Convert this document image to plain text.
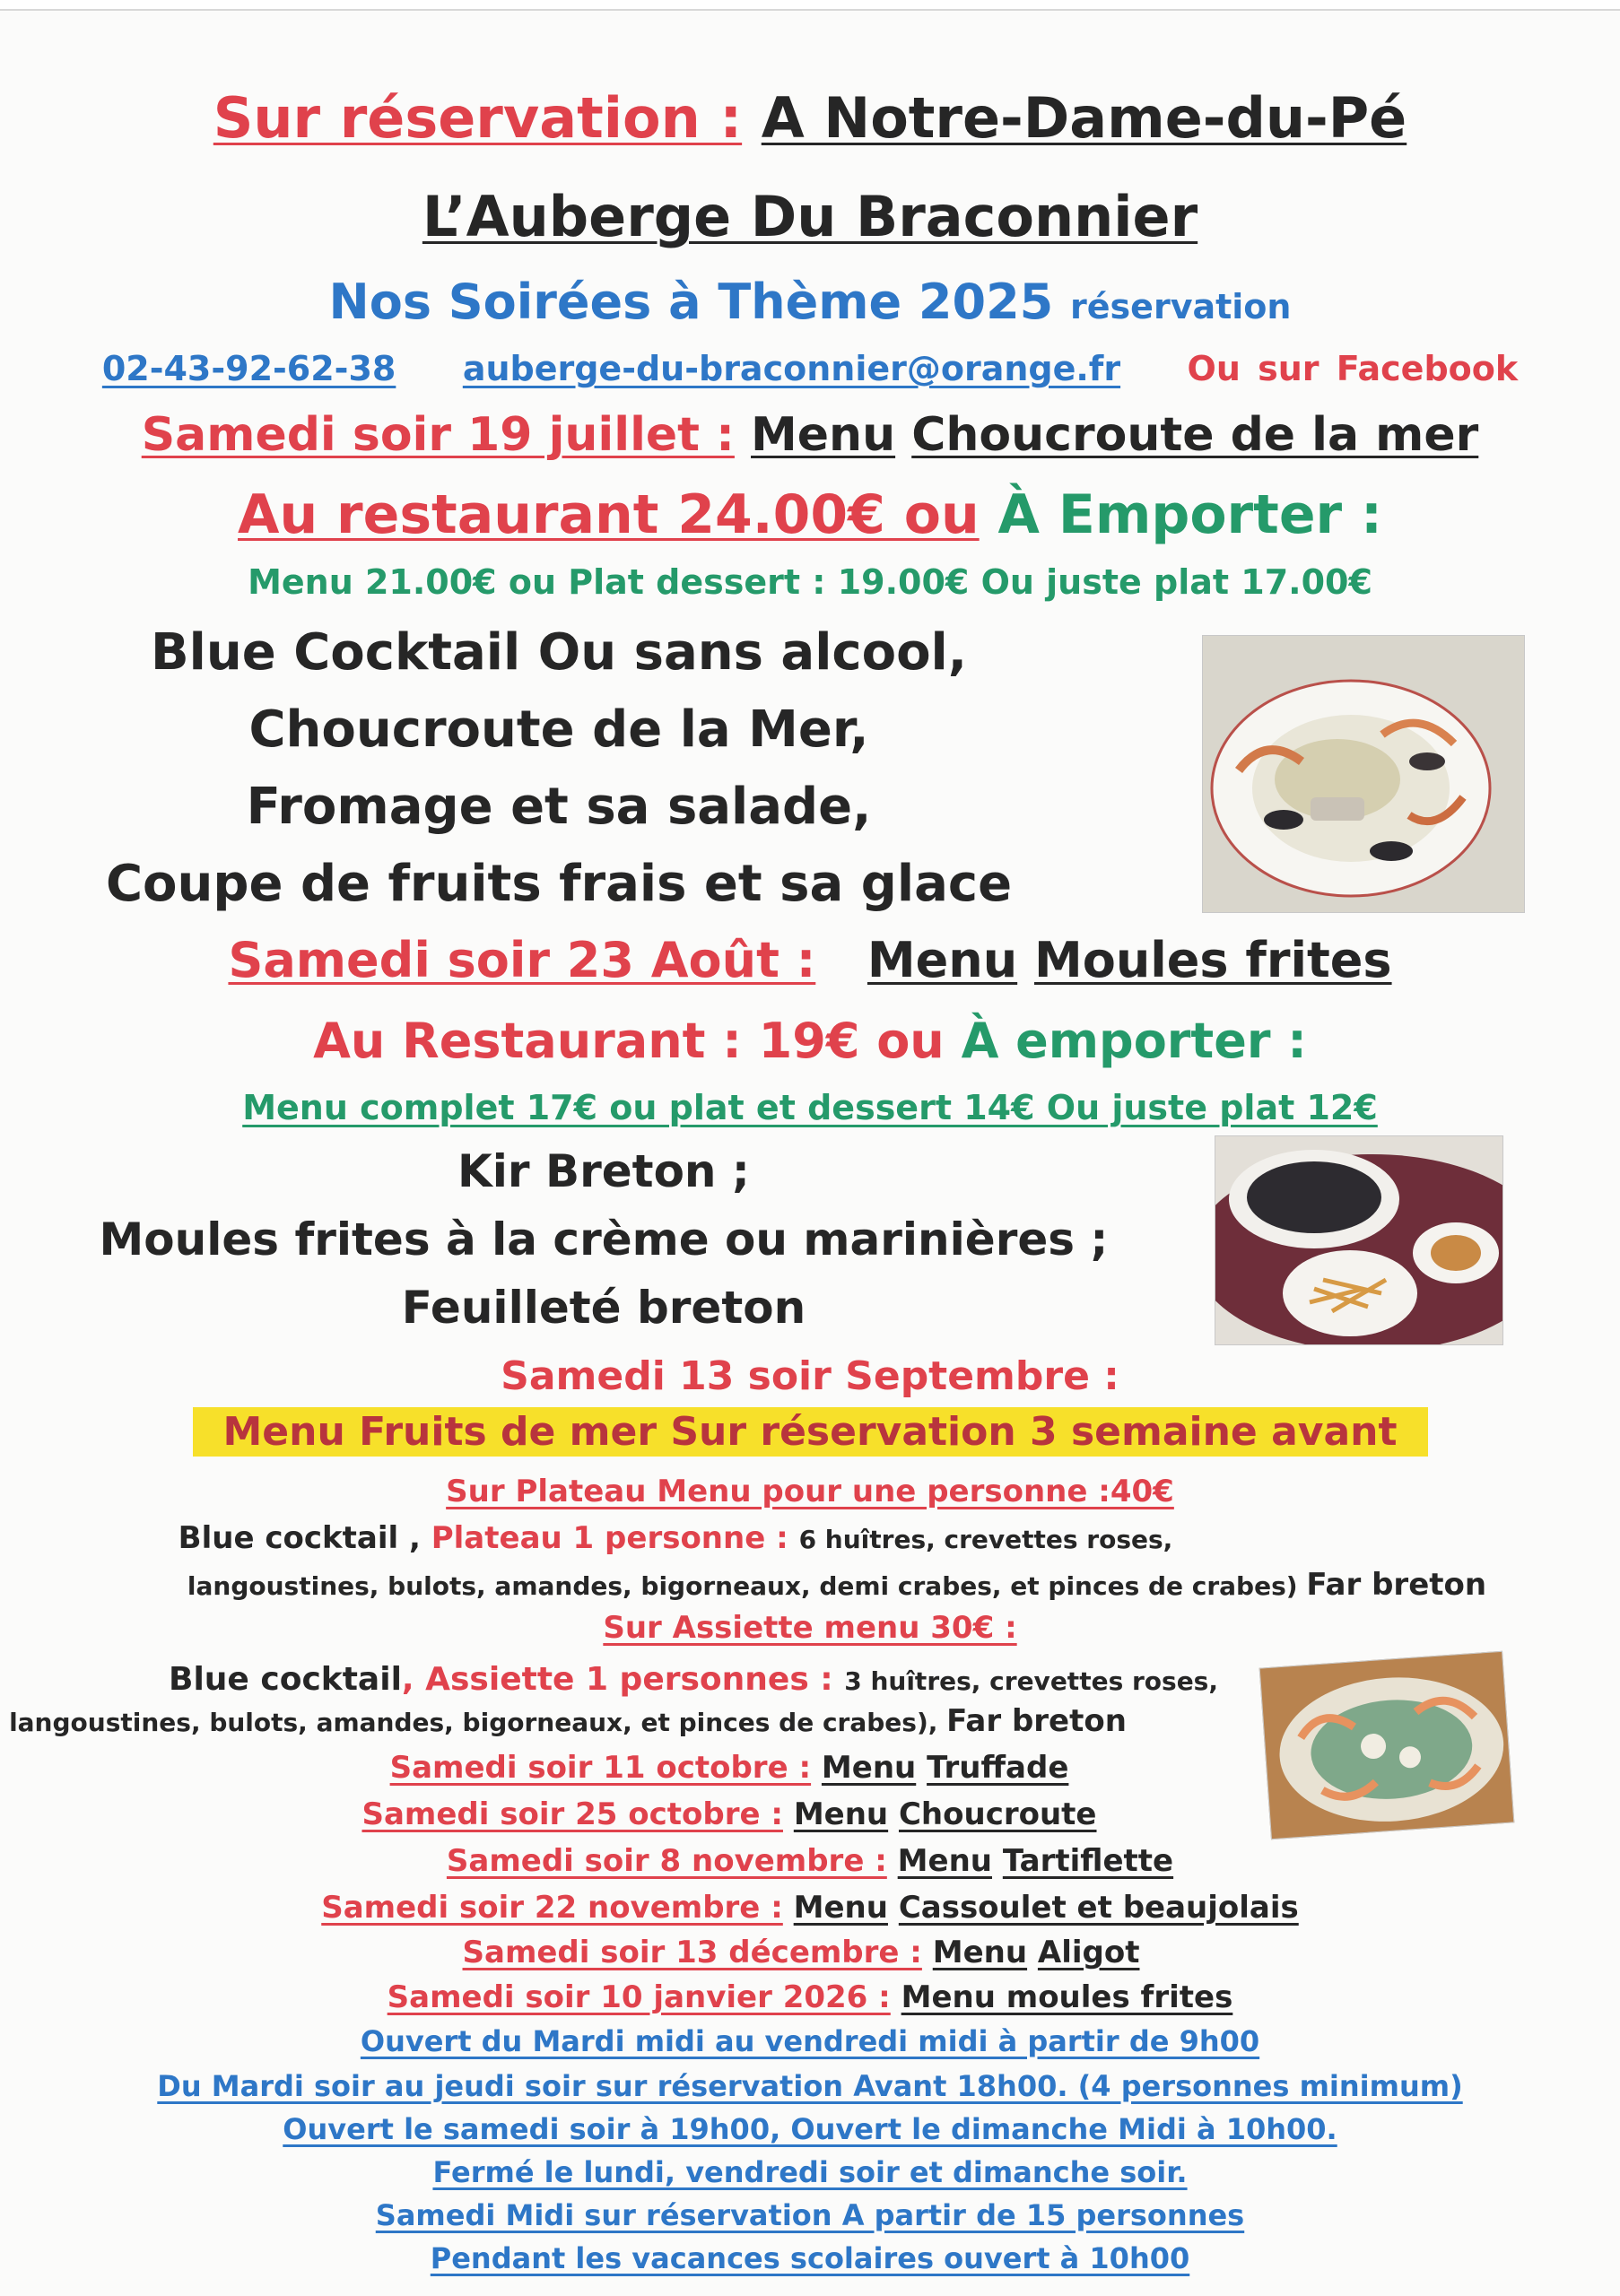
Sur réservation : A Notre-Dame-du-Pé
L’Auberge Du Braconnier
Nos Soirées à Thème 2025 réservation
02-43-92-62-38 auberge-du-braconnier@orange.fr Ou sur Facebook
Samedi soir 19 juillet : Menu Choucroute de la mer
Au restaurant 24.00€ ou À Emporter :
Menu 21.00€ ou Plat dessert : 19.00€ Ou juste plat 17.00€
Blue Cocktail Ou sans alcool,
Choucroute de la Mer,
Fromage et sa salade,
Coupe de fruits frais et sa glace
Samedi soir 23 Août : Menu Moules frites
Au Restaurant : 19€ ou À emporter :
Menu complet 17€ ou plat et dessert 14€ Ou juste plat 12€
Kir Breton ;
Moules frites à la crème ou marinières ;
Feuilleté breton
Samedi 13 soir Septembre :
Menu Fruits de mer Sur réservation 3 semaine avant
Sur Plateau Menu pour une personne :40€
Blue cocktail , Plateau 1 personne : 6 huîtres, crevettes roses,
langoustines, bulots, amandes, bigorneaux, demi crabes, et pinces de crabes) Far breton
Sur Assiette menu 30€ :
Blue cocktail, Assiette 1 personnes : 3 huîtres, crevettes roses,
langoustines, bulots, amandes, bigorneaux, et pinces de crabes), Far breton
Samedi soir 11 octobre : Menu Truffade
Samedi soir 25 octobre : Menu Choucroute
Samedi soir 8 novembre : Menu Tartiflette
Samedi soir 22 novembre : Menu Cassoulet et beaujolais
Samedi soir 13 décembre : Menu Aligot
Samedi soir 10 janvier 2026 : Menu moules frites
Ouvert du Mardi midi au vendredi midi à partir de 9h00
Du Mardi soir au jeudi soir sur réservation Avant 18h00. (4 personnes minimum)
Ouvert le samedi soir à 19h00, Ouvert le dimanche Midi à 10h00.
Fermé le lundi, vendredi soir et dimanche soir.
Samedi Midi sur réservation A partir de 15 personnes
Pendant les vacances scolaires ouvert à 10h00
